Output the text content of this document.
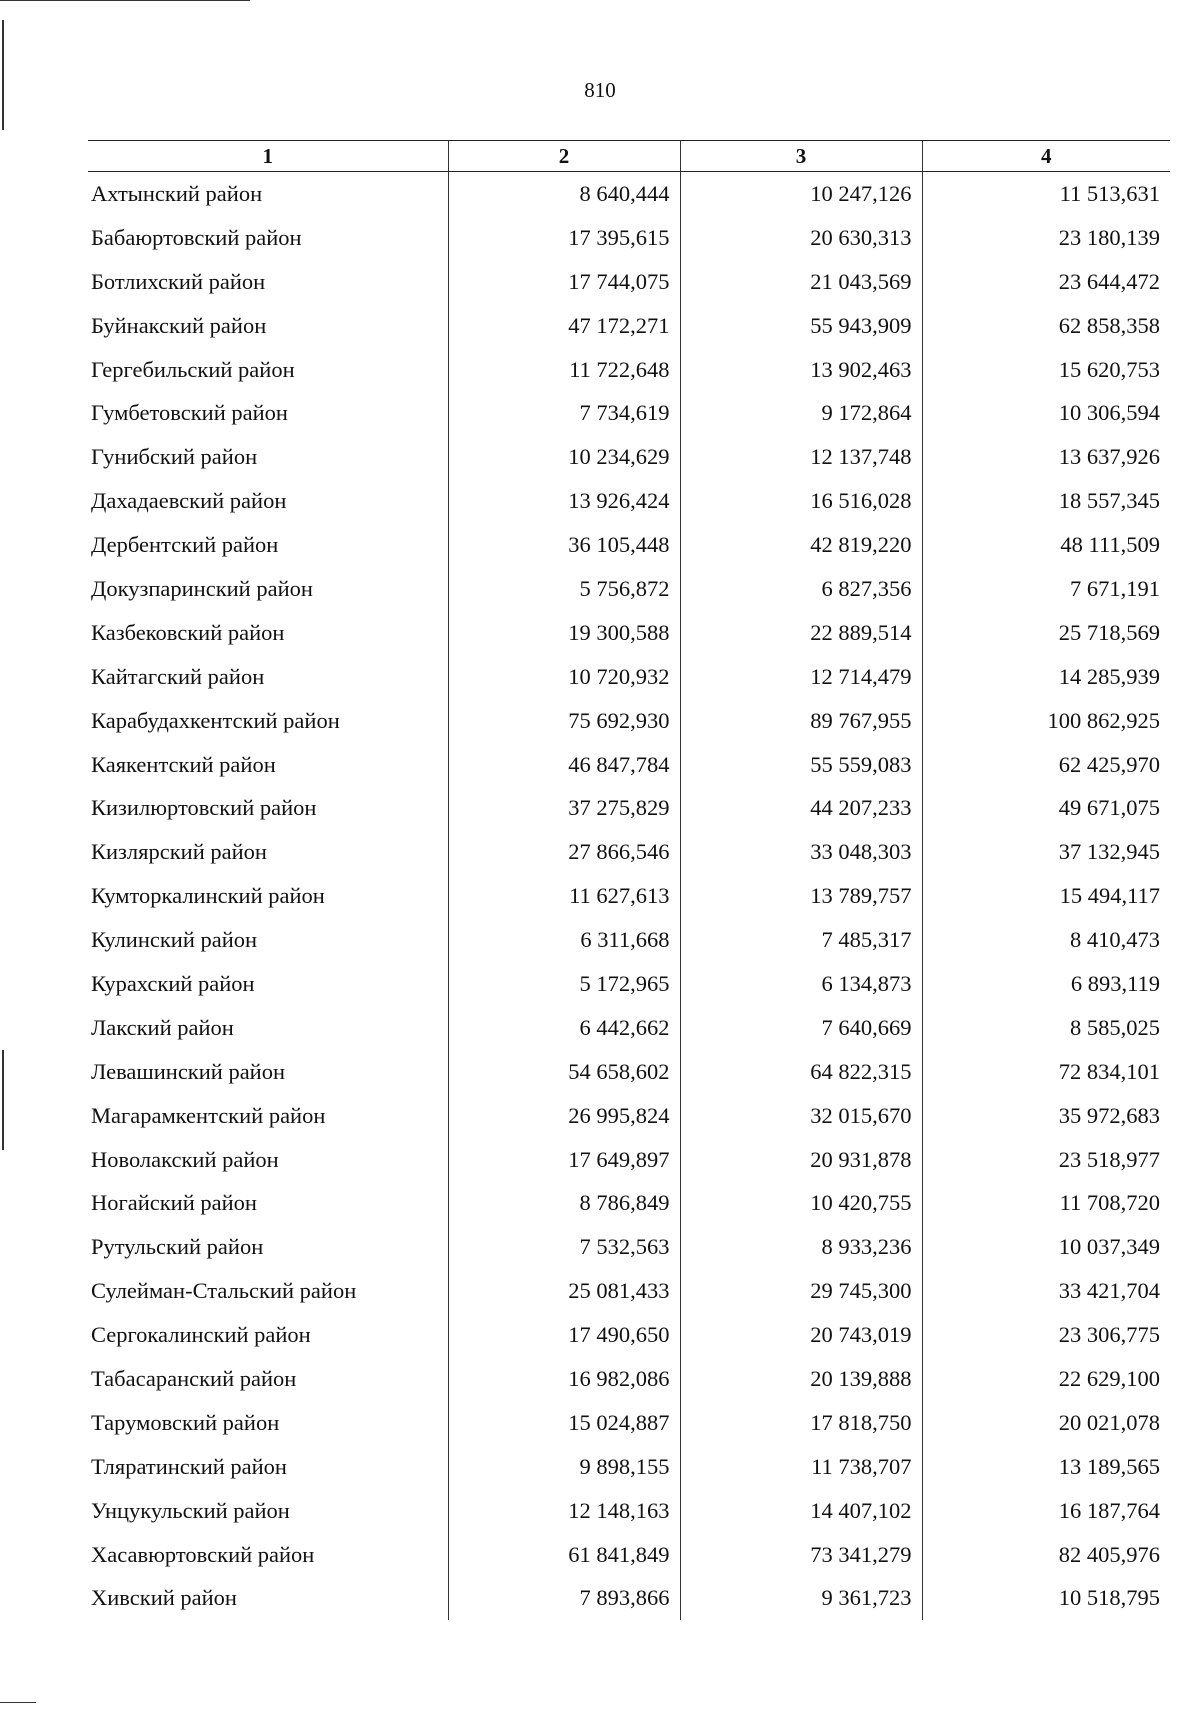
810
1	2	3	4
Ахтынский район	8 640,444	10 247,126	11 513,631
Бабаюртовский район	17 395,615	20 630,313	23 180,139
Ботлихский район	17 744,075	21 043,569	23 644,472
Буйнакский район	47 172,271	55 943,909	62 858,358
Гергебильский район	11 722,648	13 902,463	15 620,753
Гумбетовский район	7 734,619	9 172,864	10 306,594
Гунибский район	10 234,629	12 137,748	13 637,926
Дахадаевский район	13 926,424	16 516,028	18 557,345
Дербентский район	36 105,448	42 819,220	48 111,509
Докузпаринский район	5 756,872	6 827,356	7 671,191
Казбековский район	19 300,588	22 889,514	25 718,569
Кайтагский район	10 720,932	12 714,479	14 285,939
Карабудахкентский район	75 692,930	89 767,955	100 862,925
Каякентский район	46 847,784	55 559,083	62 425,970
Кизилюртовский район	37 275,829	44 207,233	49 671,075
Кизлярский район	27 866,546	33 048,303	37 132,945
Кумторкалинский район	11 627,613	13 789,757	15 494,117
Кулинский район	6 311,668	7 485,317	8 410,473
Курахский район	5 172,965	6 134,873	6 893,119
Лакский район	6 442,662	7 640,669	8 585,025
Левашинский район	54 658,602	64 822,315	72 834,101
Магарамкентский район	26 995,824	32 015,670	35 972,683
Новолакский район	17 649,897	20 931,878	23 518,977
Ногайский район	8 786,849	10 420,755	11 708,720
Рутульский район	7 532,563	8 933,236	10 037,349
Сулейман-Стальский район	25 081,433	29 745,300	33 421,704
Сергокалинский район	17 490,650	20 743,019	23 306,775
Табасаранский район	16 982,086	20 139,888	22 629,100
Тарумовский район	15 024,887	17 818,750	20 021,078
Тляратинский район	9 898,155	11 738,707	13 189,565
Унцукульский район	12 148,163	14 407,102	16 187,764
Хасавюртовский район	61 841,849	73 341,279	82 405,976
Хивский район	7 893,866	9 361,723	10 518,795
